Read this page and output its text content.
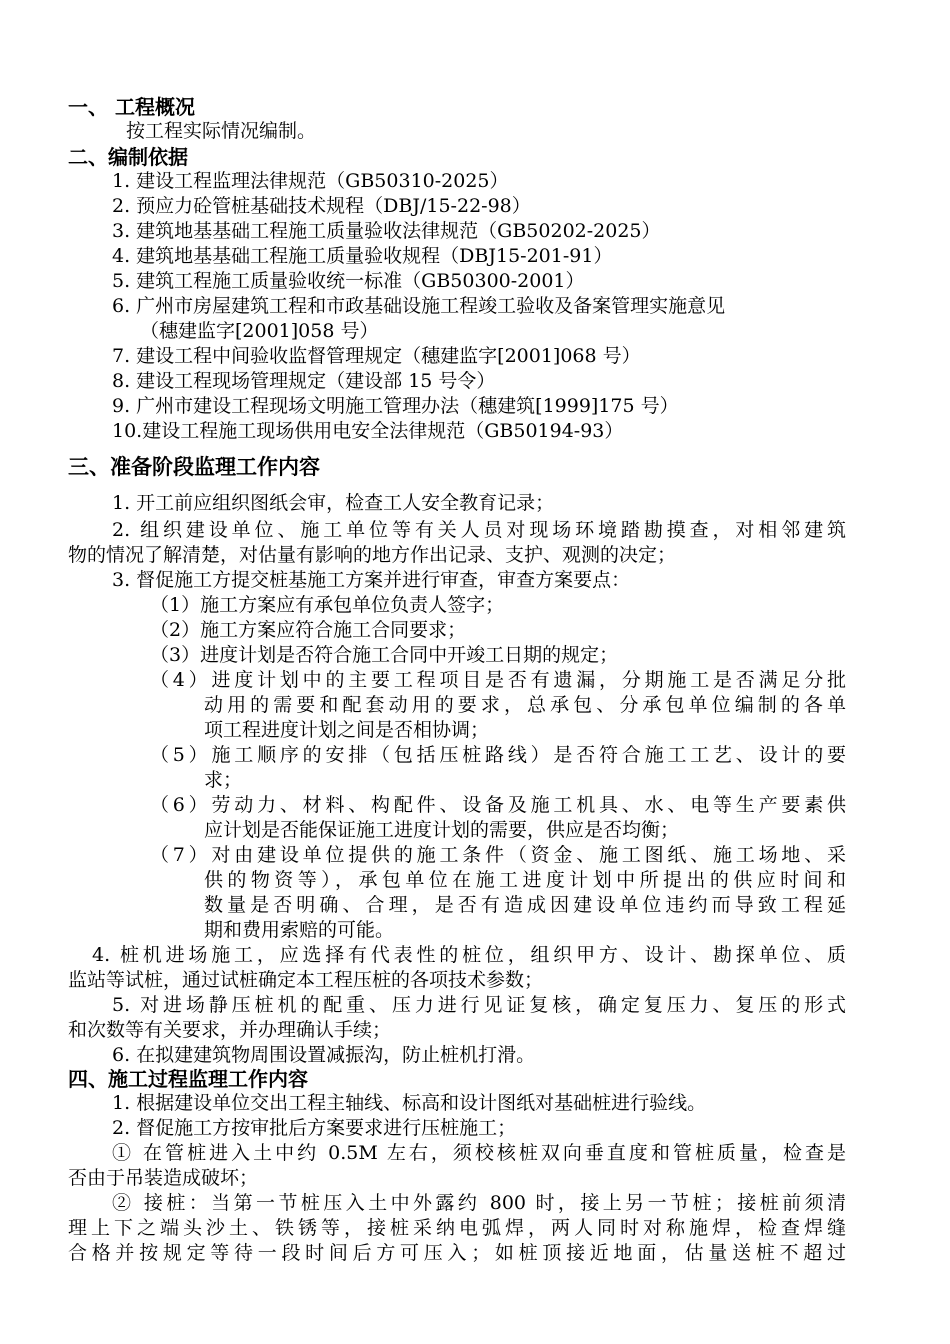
一、 工程概况
按工程实际情况编制。
二、编制依据
1. 建设工程监理法律规范（GB50310-2025）
2. 预应力砼管桩基础技术规程（DBJ/15-22-98）
3. 建筑地基基础工程施工质量验收法律规范（GB50202-2025）
4. 建筑地基基础工程施工质量验收规程（DBJ15-201-91）
5. 建筑工程施工质量验收统一标准（GB50300-2001）
6. 广州市房屋建筑工程和市政基础设施工程竣工验收及备案管理实施意见
（穗建监字[2001]058 号）
7. 建设工程中间验收监督管理规定（穗建监字[2001]068 号）
8. 建设工程现场管理规定（建设部 15 号令）
9. 广州市建设工程现场文明施工管理办法（穗建筑[1999]175 号）
10.建设工程施工现场供用电安全法律规范（GB50194-93）
三、准备阶段监理工作内容
1. 开工前应组织图纸会审，检查工人安全教育记录；
2. 组织建设单位、施工单位等有关人员对现场环境踏勘摸查，对相邻建筑
物的情况了解清楚，对估量有影响的地方作出记录、支护、观测的决定；
3. 督促施工方提交桩基施工方案并进行审查，审查方案要点：
（1）施工方案应有承包单位负责人签字；
（2）施工方案应符合施工合同要求；
（3）进度计划是否符合施工合同中开竣工日期的规定；
（4）进度计划中的主要工程项目是否有遗漏，分期施工是否满足分批
动用的需要和配套动用的要求，总承包、分承包单位编制的各单
项工程进度计划之间是否相协调；
（5）施工顺序的安排（包括压桩路线）是否符合施工工艺、设计的要
求；
（6）劳动力、材料、构配件、设备及施工机具、水、电等生产要素供
应计划是否能保证施工进度计划的需要，供应是否均衡；
（7）对由建设单位提供的施工条件（资金、施工图纸、施工场地、采
供的物资等），承包单位在施工进度计划中所提出的供应时间和
数量是否明确、合理，是否有造成因建设单位违约而导致工程延
期和费用索赔的可能。
4. 桩机进场施工，应选择有代表性的桩位，组织甲方、设计、勘探单位、质
监站等试桩，通过试桩确定本工程压桩的各项技术参数；
5. 对进场静压桩机的配重、压力进行见证复核，确定复压力、复压的形式
和次数等有关要求，并办理确认手续；
6. 在拟建建筑物周围设置减振沟，防止桩机打滑。
四、施工过程监理工作内容
1. 根据建设单位交出工程主轴线、标高和设计图纸对基础桩进行验线。
2. 督促施工方按审批后方案要求进行压桩施工；
① 在管桩进入土中约 0.5M 左右，须校核桩双向垂直度和管桩质量，检查是
否由于吊装造成破坏；
② 接桩：当第一节桩压入土中外露约 800 时，接上另一节桩；接桩前须清
理上下之端头沙土、铁锈等，接桩采纳电弧焊，两人同时对称施焊，检查焊缝
合格并按规定等待一段时间后方可压入；如桩顶接近地面，估量送桩不超过
